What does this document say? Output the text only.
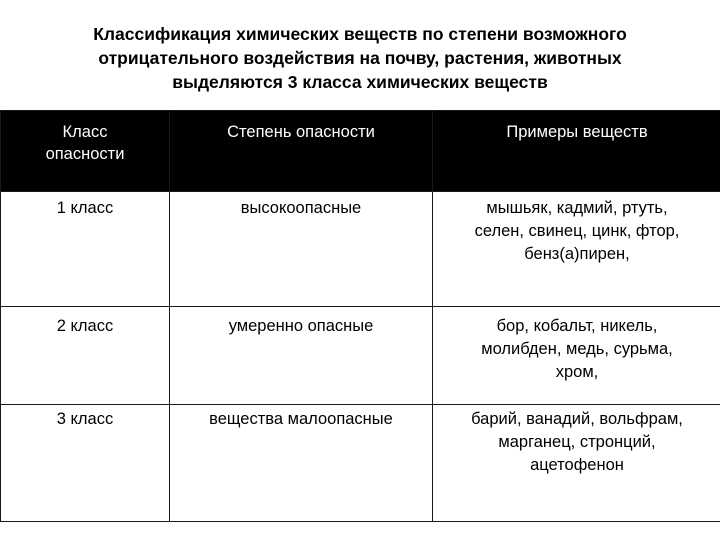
Классификация химических веществ по степени возможного
отрицательного воздействия на почву, растения, животных
выделяются 3 класса химических веществ
Класс
опасности	Степень опасности	Примеры веществ

1 класс	высокоопасные	мышьяк, кадмий, ртуть,
селен, свинец, цинк, фтор,
бенз(а)пирен,

2 класс	умеренно опасные	бор, кобальт, никель,
молибден, медь, сурьма,
хром,

3 класс	вещества малоопасные	барий, ванадий, вольфрам,
марганец, стронций,
ацетофенон
